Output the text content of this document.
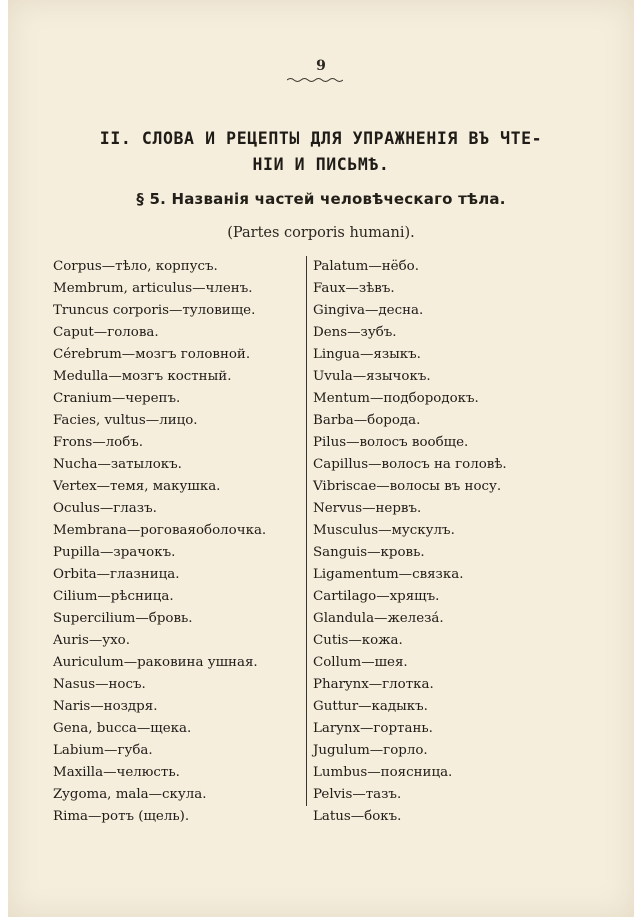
9
II. СЛОВА И РЕЦЕПТЫ ДЛЯ УПРАЖНЕНІЯ ВЪ ЧТЕ-
НІИ И ПИСЬМѢ.
§ 5. Названія частей человѣческаго тѣла.
(Partes corporis humani).
Corpus—тѣло, корпусъ.
Membrum, articulus—членъ.
Truncus corporis—туловище.
Caput—голова.
Cérebrum—мозгъ головной.
Medulla—мозгъ костный.
Cranium—черепъ.
Facies, vultus—лицо.
Frons—лобъ.
Nucha—затылокъ.
Vertex—темя, макушка.
Oculus—глазъ.
Membrana—роговаяоболочка.
Pupilla—зрачокъ.
Orbita—глазница.
Cilium—рѣсница.
Supercilium—бровь.
Auris—ухо.
Auriculum—раковина ушная.
Nasus—носъ.
Naris—ноздря.
Gena, bucca—щека.
Labium—губа.
Maxilla—челюсть.
Zygoma, mala—скула.
Rima—ротъ (щель).
Palatum—нёбо.
Faux—зѣвъ.
Gingiva—десна.
Dens—зубъ.
Lingua—языкъ.
Uvula—язычокъ.
Mentum—подбородокъ.
Barba—борода.
Pilus—волосъ вообще.
Capillus—волосъ на головѣ.
Vibriscae—волосы въ носу.
Nervus—нервъ.
Musculus—мускулъ.
Sanguis—кровь.
Ligamentum—связка.
Cartilago—хрящъ.
Glandula—железа́.
Cutis—кожа.
Collum—шея.
Pharynx—глотка.
Guttur—кадыкъ.
Larynx—гортань.
Jugulum—горло.
Lumbus—поясница.
Pelvis—тазъ.
Latus—бокъ.
